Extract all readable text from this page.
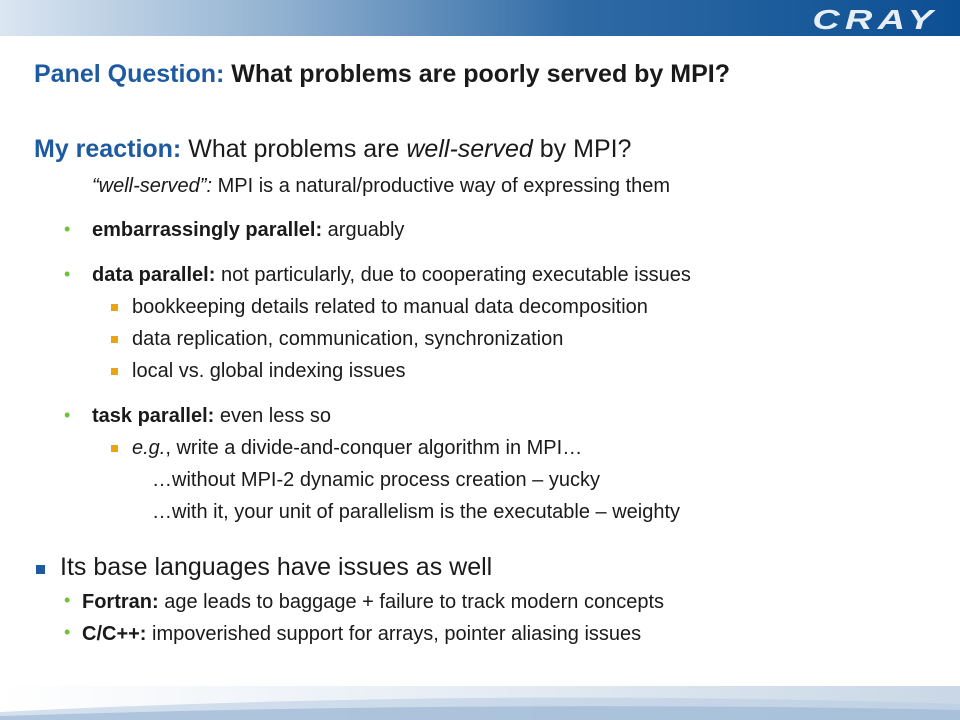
CRAY
Panel Question: What problems are poorly served by MPI?
My reaction: What problems are well-served by MPI?
“well-served”: MPI is a natural/productive way of expressing them
• embarrassingly parallel: arguably
• data parallel: not particularly, due to cooperating executable issues
bookkeeping details related to manual data decomposition
data replication, communication, synchronization
local vs. global indexing issues
• task parallel: even less so
e.g., write a divide-and-conquer algorithm in MPI…
…without MPI-2 dynamic process creation – yucky
…with it, your unit of parallelism is the executable – weighty
Its base languages have issues as well
• Fortran: age leads to baggage + failure to track modern concepts
• C/C++: impoverished support for arrays, pointer aliasing issues
